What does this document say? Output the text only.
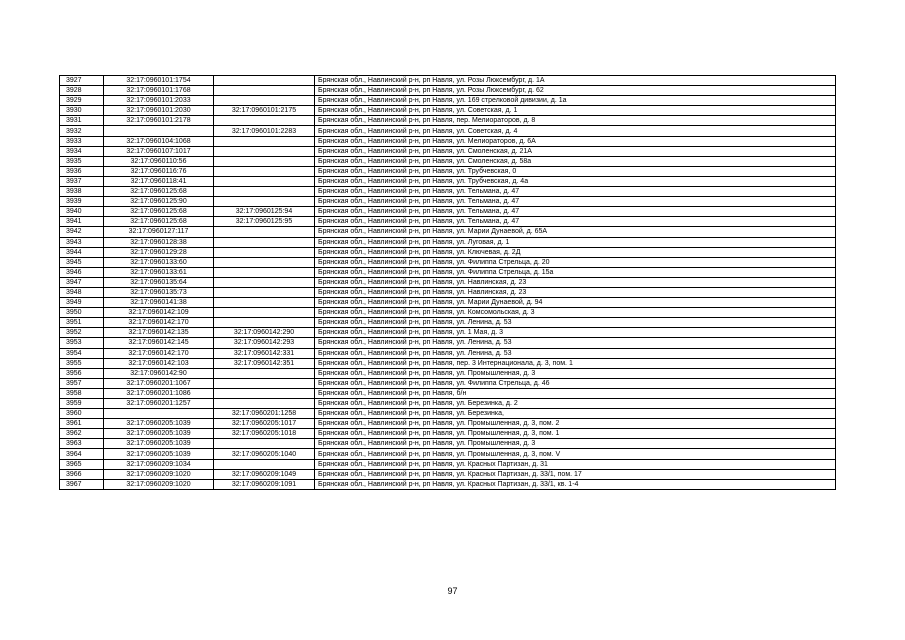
3927	32:17:0960101:1754		Брянская обл., Навлинский р-н, рп Навля, ул. Розы Люксембург, д. 1А
3928	32:17:0960101:1768		Брянская обл., Навлинский р-н, рп Навля, ул. Розы Люксембург, д. 62
3929	32:17:0960101:2033		Брянская обл., Навлинский р-н, рп Навля, ул. 169 стрелковой дивизии, д. 1а
3930	32:17:0960101:2030	32:17:0960101:2175	Брянская обл., Навлинский р-н, рп Навля, ул. Советская, д. 1
3931	32:17:0960101:2178		Брянская обл., Навлинский р-н, рп Навля, пер. Мелиораторов, д. 8
3932		32:17:0960101:2283	Брянская обл., Навлинский р-н, рп Навля, ул. Советская, д. 4
3933	32:17:0960104:1068		Брянская обл., Навлинский р-н, рп Навля, ул. Мелиораторов, д. 6А
3934	32:17:0960107:1017		Брянская обл., Навлинский р-н, рп Навля, ул. Смоленская, д. 21А
3935	32:17:0960110:56		Брянская обл., Навлинский р-н, рп Навля, ул. Смоленская, д. 58а
3936	32:17:0960116:76		Брянская обл., Навлинский р-н, рп Навля, ул. Трубчевская, 0
3937	32:17:0960118:41		Брянская обл., Навлинский р-н, рп Навля, ул. Трубчевская, д. 4а
3938	32:17:0960125:68		Брянская обл., Навлинский р-н, рп Навля, ул. Тельмана, д. 47
3939	32:17:0960125:90		Брянская обл., Навлинский р-н, рп Навля, ул. Тельмана, д. 47
3940	32:17:0960125:68	32:17:0960125:94	Брянская обл., Навлинский р-н, рп Навля, ул. Тельмана, д. 47
3941	32:17:0960125:68	32:17:0960125:95	Брянская обл., Навлинский р-н, рп Навля, ул. Тельмана, д. 47
3942	32:17:0960127:117		Брянская обл., Навлинский р-н, рп Навля, ул. Марии Дунаевой, д. 65А
3943	32:17:0960128:38		Брянская обл., Навлинский р-н, рп Навля, ул. Луговая, д. 1
3944	32:17:0960129:28		Брянская обл., Навлинский р-н, рп Навля, ул. Ключевая, д. 2Д
3945	32:17:0960133:60		Брянская обл., Навлинский р-н, рп Навля, ул. Филиппа Стрельца, д. 20
3946	32:17:0960133:61		Брянская обл., Навлинский р-н, рп Навля, ул. Филиппа Стрельца, д. 15а
3947	32:17:0960135:64		Брянская обл., Навлинский р-н, рп Навля, ул. Навлинская, д. 23
3948	32:17:0960135:73		Брянская обл., Навлинский р-н, рп Навля, ул. Навлинская, д. 23
3949	32:17:0960141:38		Брянская обл., Навлинский р-н, рп Навля, ул. Марии Дунаевой, д. 94
3950	32:17:0960142:109		Брянская обл., Навлинский р-н, рп Навля, ул. Комсомольская, д. 3
3951	32:17:0960142:170		Брянская обл., Навлинский р-н, рп Навля, ул. Ленина, д. 53
3952	32:17:0960142:135	32:17:0960142:290	Брянская обл., Навлинский р-н, рп Навля, ул. 1 Мая, д. 3
3953	32:17:0960142:145	32:17:0960142:293	Брянская обл., Навлинский р-н, рп Навля, ул. Ленина, д. 53
3954	32:17:0960142:170	32:17:0960142:331	Брянская обл., Навлинский р-н, рп Навля, ул. Ленина, д. 53
3955	32:17:0960142:103	32:17:0960142:351	Брянская обл., Навлинский р-н, рп Навля, пер. 3 Интернационала, д. 3, пом. 1
3956	32:17:0960142:90		Брянская обл., Навлинский р-н, рп Навля, ул. Промышленная, д. 3
3957	32:17:0960201:1067		Брянская обл., Навлинский р-н, рп Навля, ул. Филиппа Стрельца, д. 46
3958	32:17:0960201:1086		Брянская обл., Навлинский р-н, рп Навля, б/н
3959	32:17:0960201:1257		Брянская обл., Навлинский р-н, рп Навля, ул. Березинка, д. 2
3960		32:17:0960201:1258	Брянская обл., Навлинский р-н, рп Навля, ул. Березинка,
3961	32:17:0960205:1039	32:17:0960205:1017	Брянская обл., Навлинский р-н, рп Навля, ул. Промышленная, д. 3, пом. 2
3962	32:17:0960205:1039	32:17:0960205:1018	Брянская обл., Навлинский р-н, рп Навля, ул. Промышленная, д. 3, пом. 1
3963	32:17:0960205:1039		Брянская обл., Навлинский р-н, рп Навля, ул. Промышленная, д. 3
3964	32:17:0960205:1039	32:17:0960205:1040	Брянская обл., Навлинский р-н, рп Навля, ул. Промышленная, д. 3, пом. V
3965	32:17:0960209:1034		Брянская обл., Навлинский р-н, рп Навля, ул. Красных Партизан, д. 31
3966	32:17:0960209:1020	32:17:0960209:1049	Брянская обл., Навлинский р-н, рп Навля, ул. Красных Партизан, д. 33/1, пом. 17
3967	32:17:0960209:1020	32:17:0960209:1091	Брянская обл., Навлинский р-н, рп Навля, ул. Красных Партизан, д. 33/1, кв. 1-4
97
